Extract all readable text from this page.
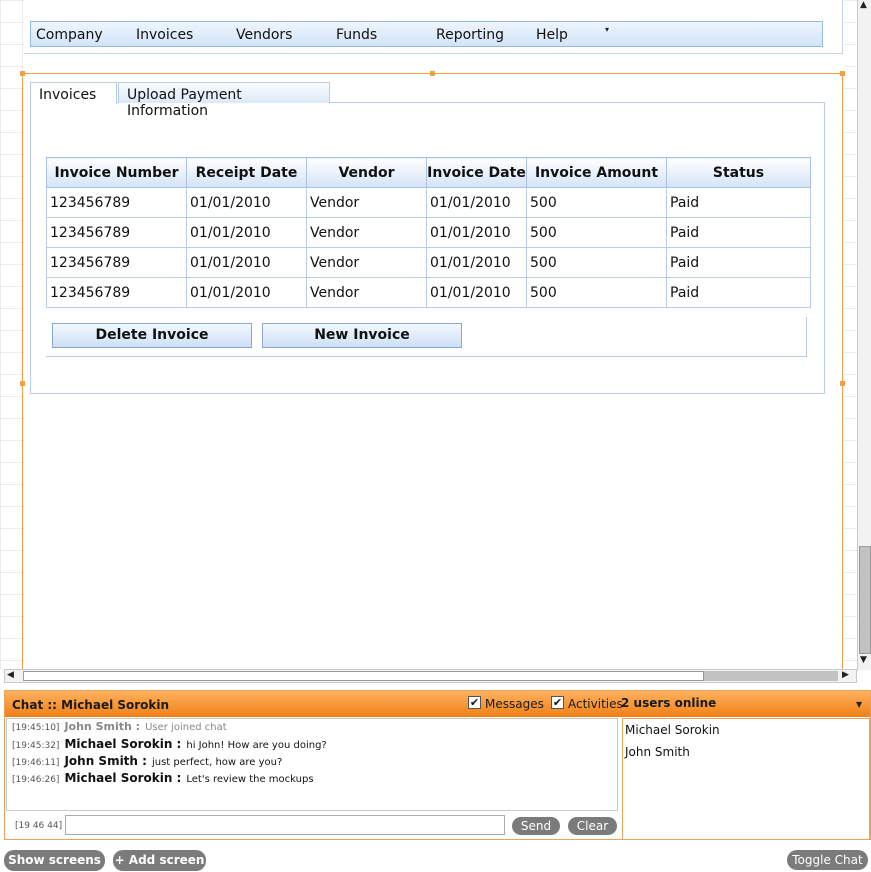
Company Invoices	Vendors	Funds	Reporting Help	▾
Invoices	Upload Payment Information
Invoice Number	Receipt Date	Vendor	Invoice Date	Invoice Amount	Status
123456789	01/01/2010	Vendor	01/01/2010	500	Paid
123456789	01/01/2010	Vendor	01/01/2010	500	Paid
123456789	01/01/2010	Vendor	01/01/2010	500	Paid
123456789	01/01/2010	Vendor	01/01/2010	500	Paid
Delete Invoice	New Invoice
▲
▼
◀	▶
Chat :: Michael Sorokin	✔ Messages ✔ Activities
2 users online	▼
[19:45:10] John Smith : User joined chat
[19:45:32] Michael Sorokin : hi John! How are you doing?
[19:46:11] John Smith : just perfect, how are you?
[19:46:26] Michael Sorokin : Let's review the mockups
Michael Sorokin
John Smith
[19 46 44]	Send	Clear
Show screens	+ Add screen	Toggle Chat
